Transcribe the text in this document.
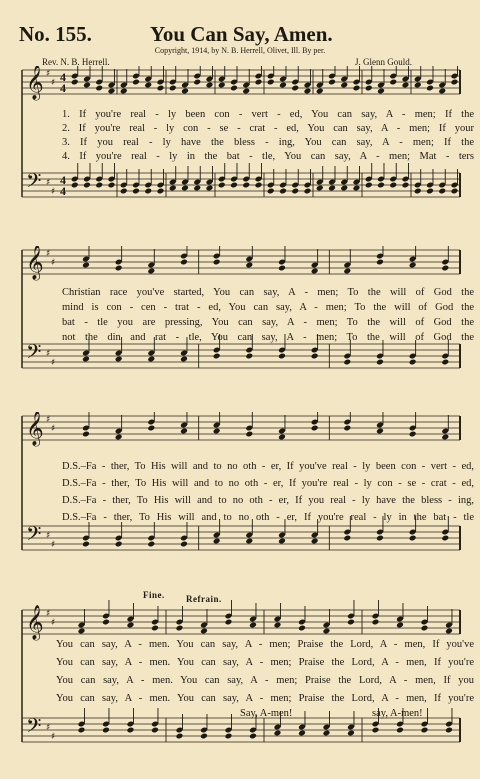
No. 155.	You Can Say, Amen.
Copyright, 1914, by N. B. Herrell, Olivet, Ill. By per.
Rev. N. B. Herrell.	J. Glenn Gould.
𝄞
𝄢
♯
♯
♯
♯
4
4
4
4
1. If you're real - ly been con - vert - ed, You can say, A - men; If the
2. If you're real - ly con - se - crat - ed, You can say, A - men; If your
3. If you real - ly have the bless - ing, You can say, A - men; If the
4. If you're real - ly in the bat - tle, You can say, A - men; Mat - ters
𝄞
𝄢
♯
♯
♯
♯
Christian race you've started, You can say, A - men; To the will of God the
mind is con - cen - trat - ed, You can say, A - men; To the will of God the
bat - tle you are pressing, You can say, A - men; To the will of God the
not the din and rat - tle, You can say, A - men; To the will of God the
𝄞
𝄢
♯
♯
♯
♯
D.S.–Fa - ther, To His will and to no oth - er, If you've real - ly been con - vert - ed,
D.S.–Fa - ther, To His will and to no oth - er, If you're real - ly con - se - crat - ed,
D.S.–Fa - ther, To His will and to no oth - er, If you real - ly have the bless - ing,
D.S.–Fa - ther, To His will and to no oth - er, If you're real - ly in the bat - tle
Fine. Refrain.
𝄞
𝄢
♯
♯
♯
♯
You can say, A - men. You can say, A - men; Praise the Lord, A - men, If you've
You can say, A - men. You can say, A - men; Praise the Lord, A - men, If you're
You can say, A - men. You can say, A - men; Praise the Lord, A - men, If you
You can say, A - men. You can say, A - men; Praise the Lord, A - men, If you're
Say, A-men!	say, A-men!
